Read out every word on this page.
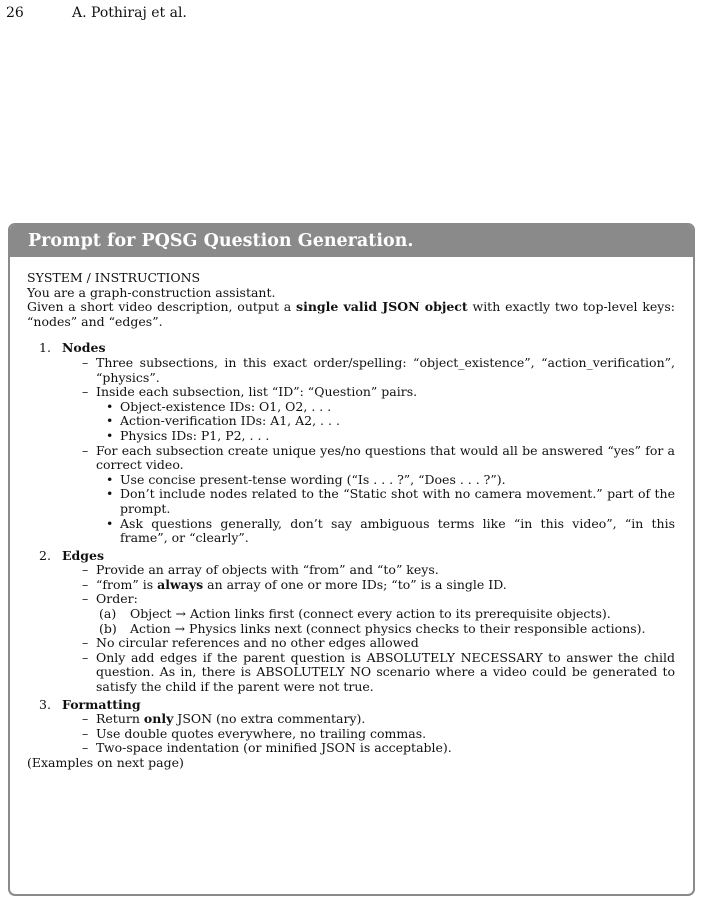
26	A. Pothiraj et al.
Prompt for PQSG Question Generation.

SYSTEM / INSTRUCTIONS

You are a graph-construction assistant.

Given a short video description, output a single valid JSON object with exactly two top-level keys: “nodes” and “edges”.

1. Nodes
– Three subsections, in this exact order/spelling: “object_existence”, “action_verification”, “physics”.
– Inside each subsection, list “ID”: “Question” pairs.
• Object-existence IDs: O1, O2, . . .
• Action-verification IDs: A1, A2, . . .
• Physics IDs: P1, P2, . . .
– For each subsection create unique yes/no questions that would all be answered “yes” for a correct video.
• Use concise present-tense wording (“Is . . . ?”, “Does . . . ?”).
• Don’t include nodes related to the “Static shot with no camera movement.” part of the prompt.
• Ask questions generally, don’t say ambiguous terms like “in this video”, “in this frame”, or “clearly”.
2. Edges
– Provide an array of objects with “from” and “to” keys.
– “from” is always an array of one or more IDs; “to” is a single ID.
– Order:
(a) Object → Action links first (connect every action to its prerequisite objects).
(b) Action → Physics links next (connect physics checks to their responsible actions).
– No circular references and no other edges allowed
– Only add edges if the parent question is ABSOLUTELY NECESSARY to answer the child question. As in, there is ABSOLUTELY NO scenario where a video could be generated to satisfy the child if the parent were not true.
3. Formatting
– Return only JSON (no extra commentary).
– Use double quotes everywhere, no trailing commas.
– Two-space indentation (or minified JSON is acceptable).

(Examples on next page)
